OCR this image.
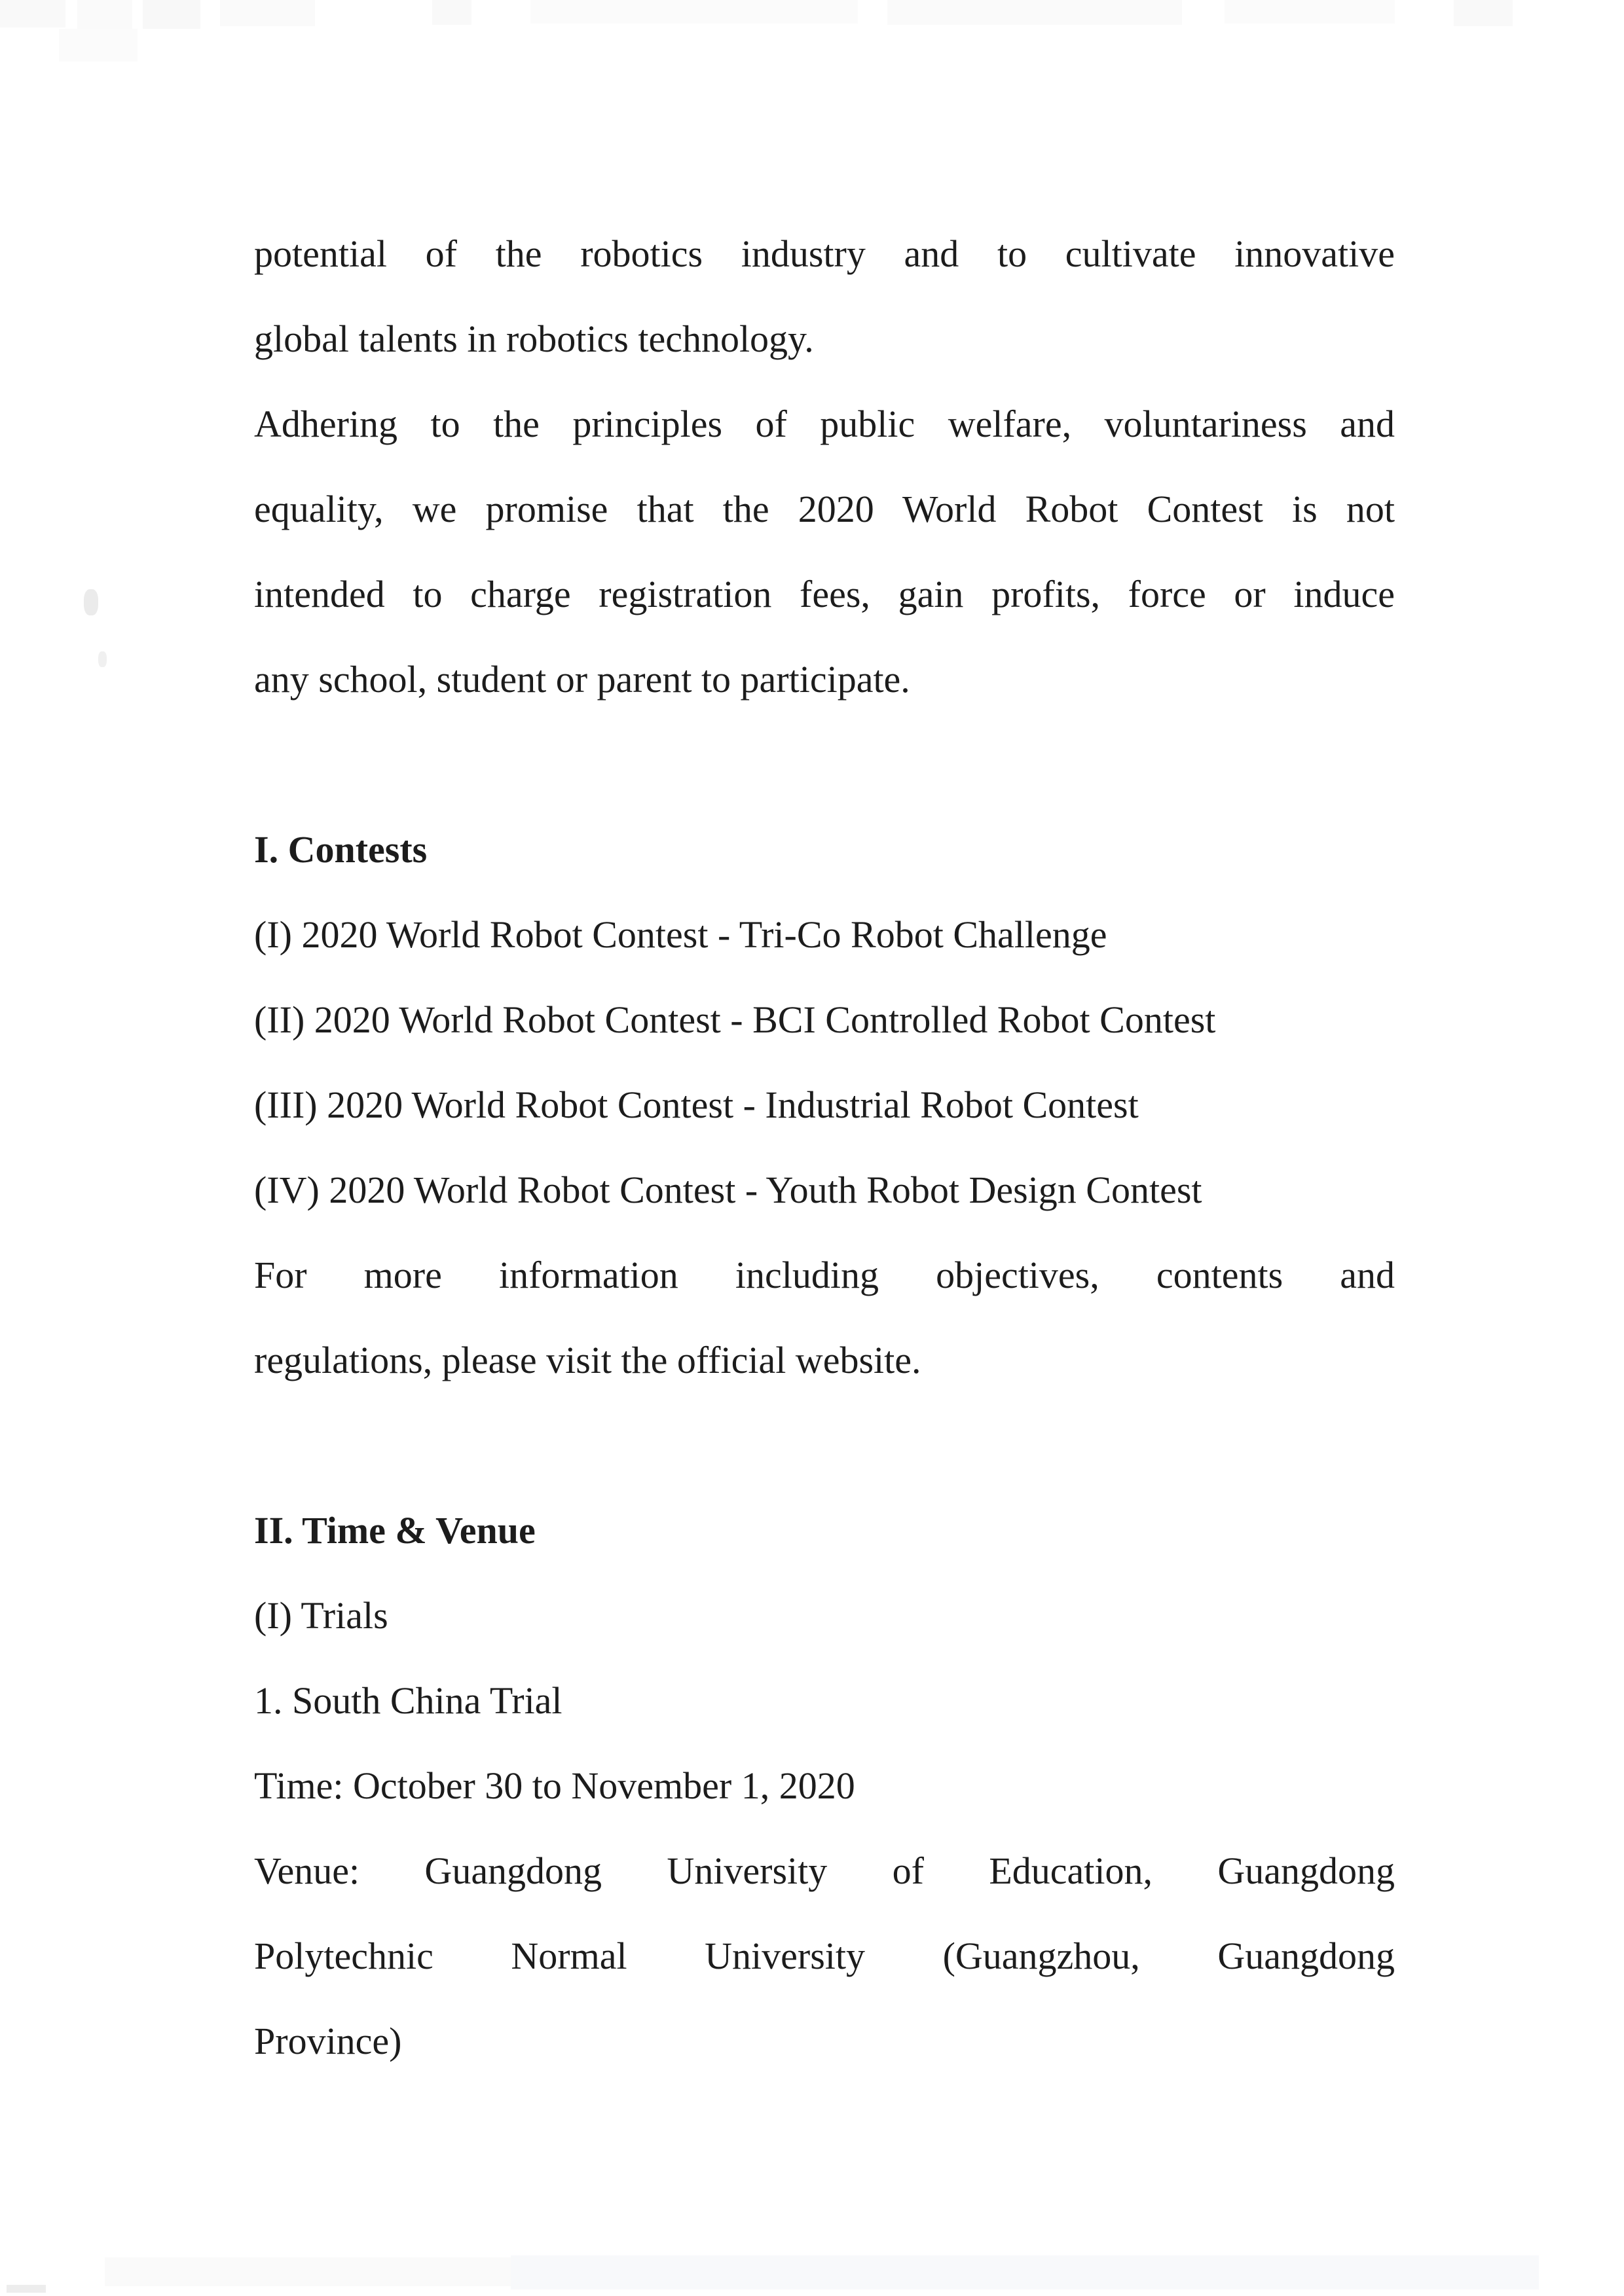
potential of the robotics industry and to cultivate innovative
global talents in robotics technology.
Adhering to the principles of public welfare, voluntariness and
equality, we promise that the 2020 World Robot Contest is not
intended to charge registration fees, gain profits, force or induce
any school, student or parent to participate.
I. Contests
(I) 2020 World Robot Contest - Tri-Co Robot Challenge
(II) 2020 World Robot Contest - BCI Controlled Robot Contest
(III) 2020 World Robot Contest - Industrial Robot Contest
(IV) 2020 World Robot Contest - Youth Robot Design Contest
For more information including objectives, contents and
regulations, please visit the official website.
II. Time & Venue
(I) Trials
1. South China Trial
Time: October 30 to November 1, 2020
Venue: Guangdong University of Education, Guangdong
Polytechnic Normal University (Guangzhou, Guangdong
Province)
